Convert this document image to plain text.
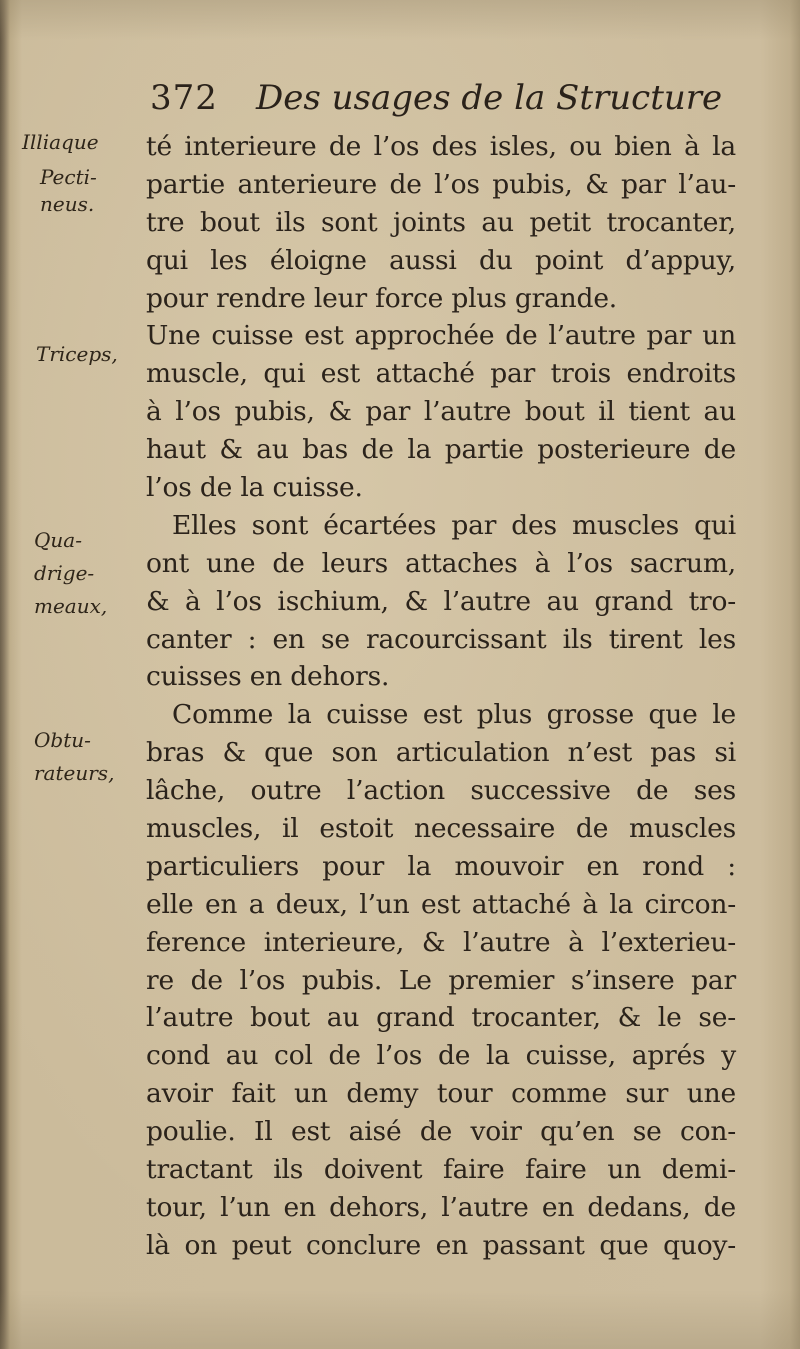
372 Des usages de la Structure
Illiaque
Pecti-
neus.
Triceps,
Qua-
drige-
meaux,
Obtu-
rateurs,
té interieure de l’os des isles, ou bien à la
partie anterieure de l’os pubis, & par l’au-
tre bout ils sont joints au petit trocanter,
qui les éloigne aussi du point d’appuy,
pour rendre leur force plus grande.
Une cuisse est approchée de l’autre par un
muscle, qui est attaché par trois endroits
à l’os pubis, & par l’autre bout il tient au
haut & au bas de la partie posterieure de
l’os de la cuisse.
Elles sont écartées par des muscles qui
ont une de leurs attaches à l’os sacrum,
& à l’os ischium, & l’autre au grand tro-
canter : en se racourcissant ils tirent les
cuisses en dehors.
Comme la cuisse est plus grosse que le
bras & que son articulation n’est pas si
lâche, outre l’action successive de ses
muscles, il estoit necessaire de muscles
particuliers pour la mouvoir en rond :
elle en a deux, l’un est attaché à la circon-
ference interieure, & l’autre à l’exterieu-
re de l’os pubis. Le premier s’insere par
l’autre bout au grand trocanter, & le se-
cond au col de l’os de la cuisse, aprés y
avoir fait un demy tour comme sur une
poulie. Il est aisé de voir qu’en se con-
tractant ils doivent faire faire un demi-
tour, l’un en dehors, l’autre en dedans, de
là on peut conclure en passant que quoy-
